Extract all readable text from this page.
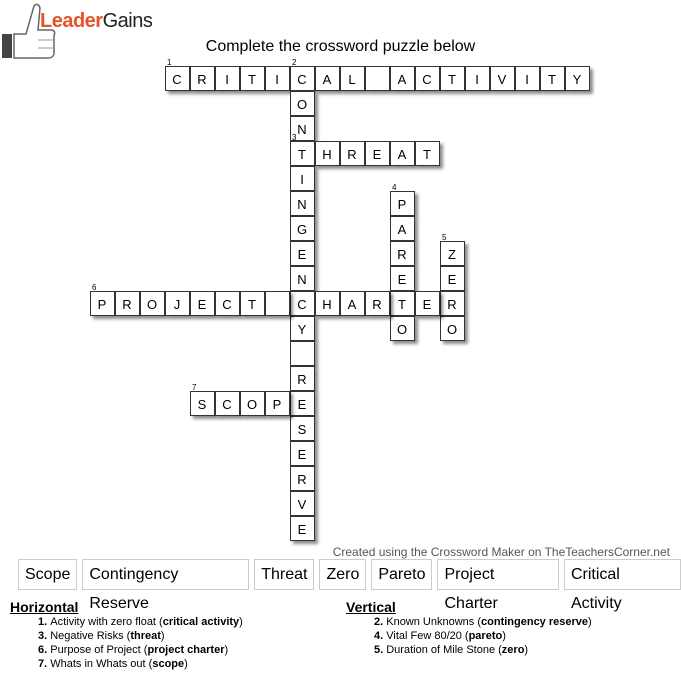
LeaderGains
Complete the crossword puzzle below
1
C	R	I	T	I
2
C	A	L	A	C	T	I	V	I	T	Y
O
N
3
T
I
N
G
E
N
C
Y
R
E
S
E
R
V
E
H	R	E	A	T
4
P
A
R
E
T
O
5
Z
E
R
O
6
P	R	O	J	E	C	T	H	A	R	E
7
S	C	O	P
Created using the Crossword Maker on TheTeachersCorner.net
Scope	Contingency Reserve
Threat	Zero	Pareto	Project Charter
Critical Activity
Horizontal
1. Activity with zero float (critical activity)
3. Negative Risks (threat)
6. Purpose of Project (project charter)
7. Whats in Whats out (scope)
Vertical
2. Known Unknowns (contingency reserve)
4. Vital Few 80/20 (pareto)
5. Duration of Mile Stone (zero)
